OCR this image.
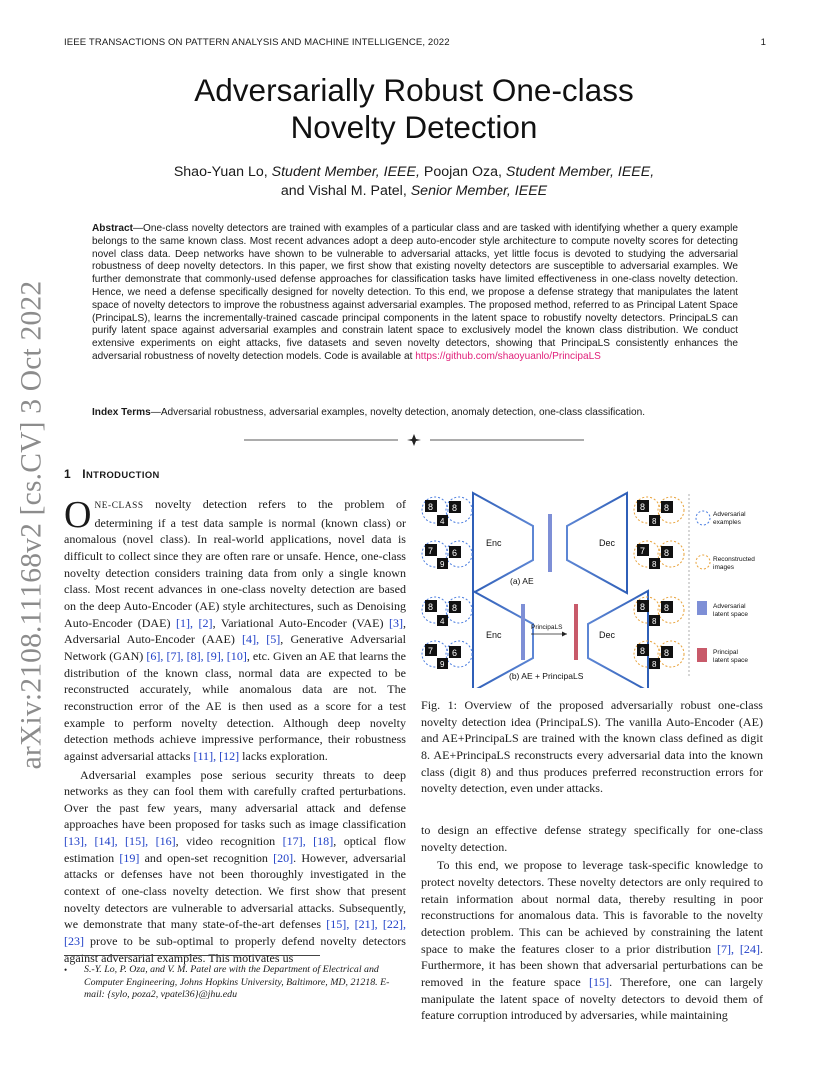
IEEE TRANSACTIONS ON PATTERN ANALYSIS AND MACHINE INTELLIGENCE, 2022	1
Adversarially Robust One-class
Novelty Detection
Shao-Yuan Lo, Student Member, IEEE, Poojan Oza, Student Member, IEEE,
and Vishal M. Patel, Senior Member, IEEE
Abstract—One-class novelty detectors are trained with examples of a particular class and are tasked with identifying whether a query example belongs to the same known class. Most recent advances adopt a deep auto-encoder style architecture to compute novelty scores for detecting novel class data. Deep networks have shown to be vulnerable to adversarial attacks, yet little focus is devoted to studying the adversarial robustness of deep novelty detectors. In this paper, we first show that existing novelty detectors are susceptible to adversarial examples. We further demonstrate that commonly-used defense approaches for classification tasks have limited effectiveness in one-class novelty detection. Hence, we need a defense specifically designed for novelty detection. To this end, we propose a defense strategy that manipulates the latent space of novelty detectors to improve the robustness against adversarial examples. The proposed method, referred to as Principal Latent Space (PrincipaLS), learns the incrementally-trained cascade principal components in the latent space to robustify novelty detectors. PrincipaLS can purify latent space against adversarial examples and constrain latent space to exclusively model the known class distribution. We conduct extensive experiments on eight attacks, five datasets and seven novelty detectors, showing that PrincipaLS consistently enhances the adversarial robustness of novelty detection models. Code is available at https://github.com/shaoyuanlo/PrincipaLS
Index Terms—Adversarial robustness, adversarial examples, novelty detection, anomaly detection, one-class classification.
arXiv:2108.11168v2 [cs.CV] 3 Oct 2022 1 INTRODUCTION

ONE-CLASS novelty detection refers to the problem of determining if a test data sample is normal (known class) or anomalous (novel class). In real-world applications, novel data is difficult to collect since they are often rare or unsafe. Hence, one-class novelty detection considers training data from only a single known class. Most recent advances in one-class novelty detection are based on the deep Auto-Encoder (AE) style architectures, such as Denoising Auto-Encoder (DAE) [1], [2], Variational Auto-Encoder (VAE) [3], Adversarial Auto-Encoder (AAE) [4], [5], Generative Adversarial Network (GAN) [6], [7], [8], [9], [10], etc. Given an AE that learns the distribution of the known class, normal data are expected to be reconstructed accurately, while anomalous data are not. The reconstruction error of the AE is then used as a score for a test example to perform novelty detection. Although deep novelty detection methods achieve impressive performance, their robustness against adversarial attacks [11], [12] lacks exploration.

Adversarial examples pose serious security threats to deep networks as they can fool them with carefully crafted perturbations. Over the past few years, many adversarial attack and defense approaches have been proposed for tasks such as image classification [13], [14], [15], [16], video recognition [17], [18], optical flow estimation [19] and open-set recognition [20]. However, adversarial attacks or defenses have not been thoroughly investigated in the context of one-class novelty detection. We first show that present novelty detectors are vulnerable to adversarial attacks. Subsequently, we demonstrate that many state-of-the-art defenses [15], [21], [22], [23] prove to be sub-optimal to properly defend novelty detectors against adversarial examples. This motivates us

• S.-Y. Lo, P. Oza, and V. M. Patel are with the Department of Electrical and Computer Engineering, Johns Hopkins University, Baltimore, MD, 21218. E-mail: {sylo, poza2, vpatel36}@jhu.edu
Enc	Dec
(a) AE
Enc
PrincipaLS
Dec
(b) AE + PrincipaLS
8 8
7 6
4
9
8 8
7 6
4
9
8 8
7 8
8
8
8 8
8 8
8
8
Adversarial
examples
Reconstructed
images
Adversarial
latent space
Principal
latent space
Fig. 1: Overview of the proposed adversarially robust one-class novelty detection idea (PrincipaLS). The vanilla Auto-Encoder (AE) and AE+PrincipaLS are trained with the known class defined as digit 8. AE+PrincipaLS reconstructs every adversarial data into the known class (digit 8) and thus produces preferred reconstruction errors for novelty detection, even under attacks.

to design an effective defense strategy specifically for one-class novelty detection.

To this end, we propose to leverage task-specific knowledge to protect novelty detectors. These novelty detectors are only required to retain information about normal data, thereby resulting in poor reconstructions for anomalous data. This is favorable to the novelty detection problem. This can be achieved by constraining the latent space to make the features closer to a prior distribution [7], [24]. Furthermore, it has been shown that adversarial perturbations can be removed in the feature space [15]. Therefore, one can largely manipulate the latent space of novelty detectors to devoid them of feature corruption introduced by adversaries, while maintaining
